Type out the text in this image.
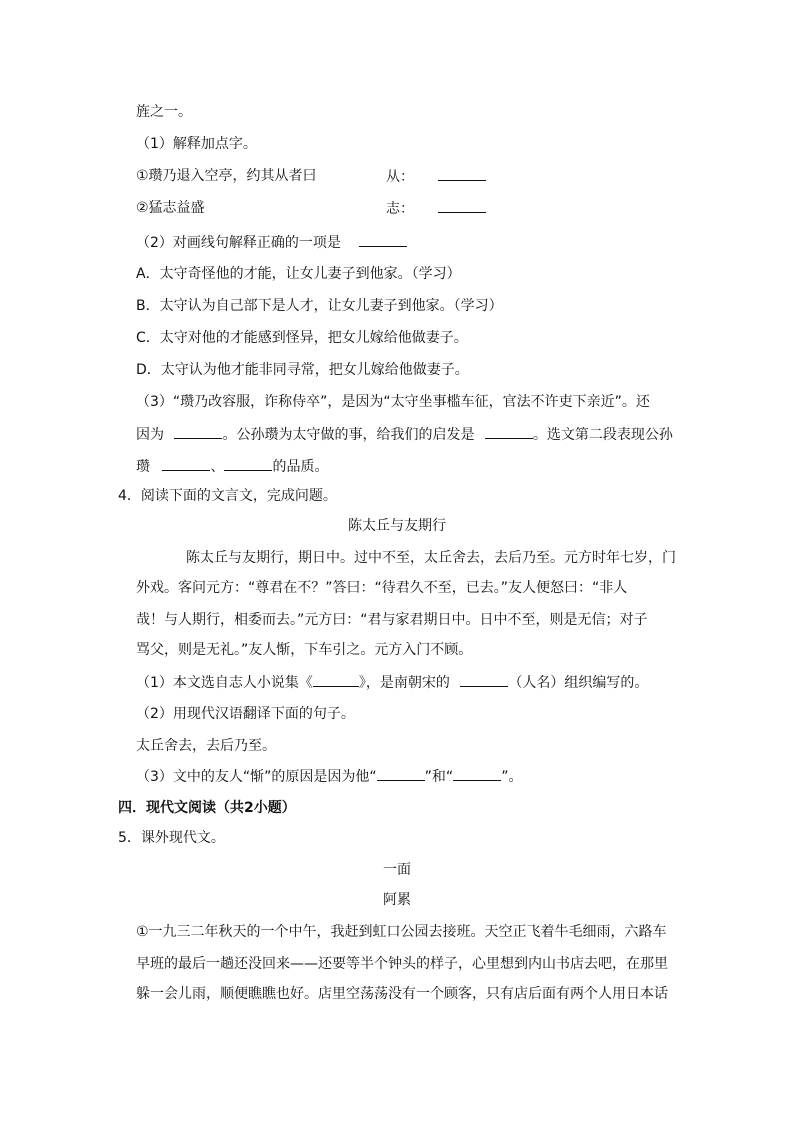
旌之一。
（1）解释加点字。
①瓒乃退入空亭，约其从者曰	从：
②猛志益盛	志：
（2）对画线句解释正确的一项是
A．太守奇怪他的才能，让女儿妻子到他家。（学习）
B．太守认为自己部下是人才，让女儿妻子到他家。（学习）
C．太守对他的才能感到怪异，把女儿嫁给他做妻子。
D．太守认为他才能非同寻常，把女儿嫁给他做妻子。
（3）“瓒乃改容服，诈称侍卒”，是因为“太守坐事槛车征，官法不许吏下亲近”。还
因为	。公孙瓒为太守做的事，给我们的启发是	。选文第二段表现公孙
瓒	、	的品质。
4．阅读下面的文言文，完成问题。
陈太丘与友期行
陈太丘与友期行，期日中。过中不至，太丘舍去，去后乃至。元方时年七岁，门
外戏。客问元方：“尊君在不？”答曰：“待君久不至，已去。”友人便怒曰：“非人
哉！与人期行，相委而去。”元方曰：“君与家君期日中。日中不至，则是无信；对子
骂父，则是无礼。”友人惭，下车引之。元方入门不顾。
（1）本文选自志人小说集《	》，是南朝宋的	（人名）组织编写的。
（2）用现代汉语翻译下面的句子。
太丘舍去，去后乃至。
（3）文中的友人“惭”的原因是因为他“	”和“	”。
四．现代文阅读（共2小题）
5．课外现代文。
一面
阿累
①一九三二年秋天的一个中午，我赶到虹口公园去接班。天空正飞着牛毛细雨，六路车
早班的最后一趟还没回来——还要等半个钟头的样子，心里想到内山书店去吧，在那里
躲一会儿雨，顺便瞧瞧也好。店里空荡荡没有一个顾客，只有店后面有两个人用日本话
